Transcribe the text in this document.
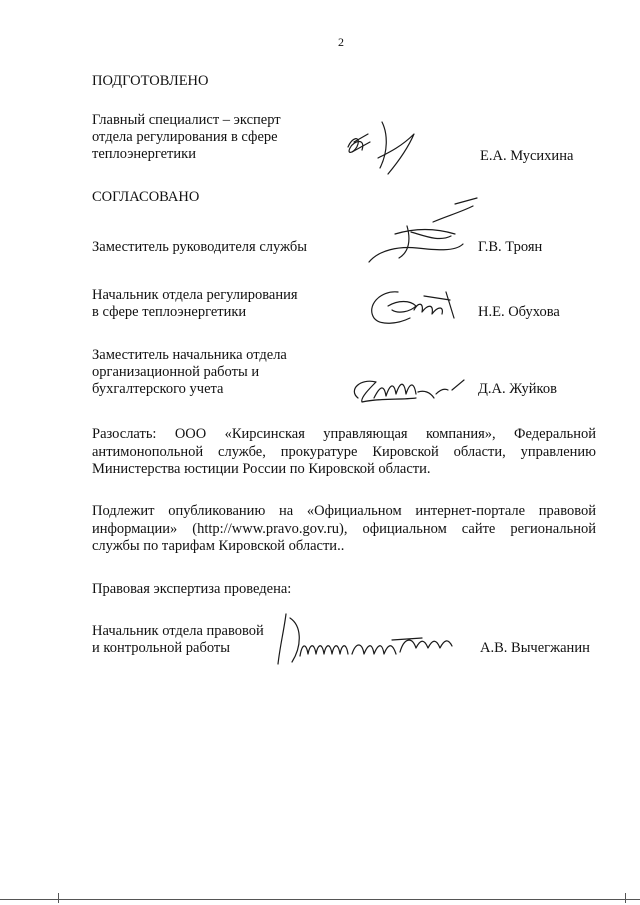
2
ПОДГОТОВЛЕНО
Главный специалист – эксперт
отдела регулирования в сфере
теплоэнергетики	Е.А. Мусихина
СОГЛАСОВАНО
Заместитель руководителя службы	Г.В. Троян
Начальник отдела регулирования
в сфере теплоэнергетики	Н.Е. Обухова
Заместитель начальника отдела
организационной работы и
бухгалтерского учета	Д.А. Жуйков
Разослать: ООО «Кирсинская управляющая компания», Федеральной антимонопольной службе, прокуратуре Кировской области, управлению Министерства юстиции России по Кировской области.
Подлежит опубликованию на «Официальном интернет-портале правовой информации» (http://www.pravo.gov.ru), официальном сайте региональной службы по тарифам Кировской области..
Правовая экспертиза проведена:
Начальник отдела правовой
и контрольной работы	А.В. Вычегжанин
